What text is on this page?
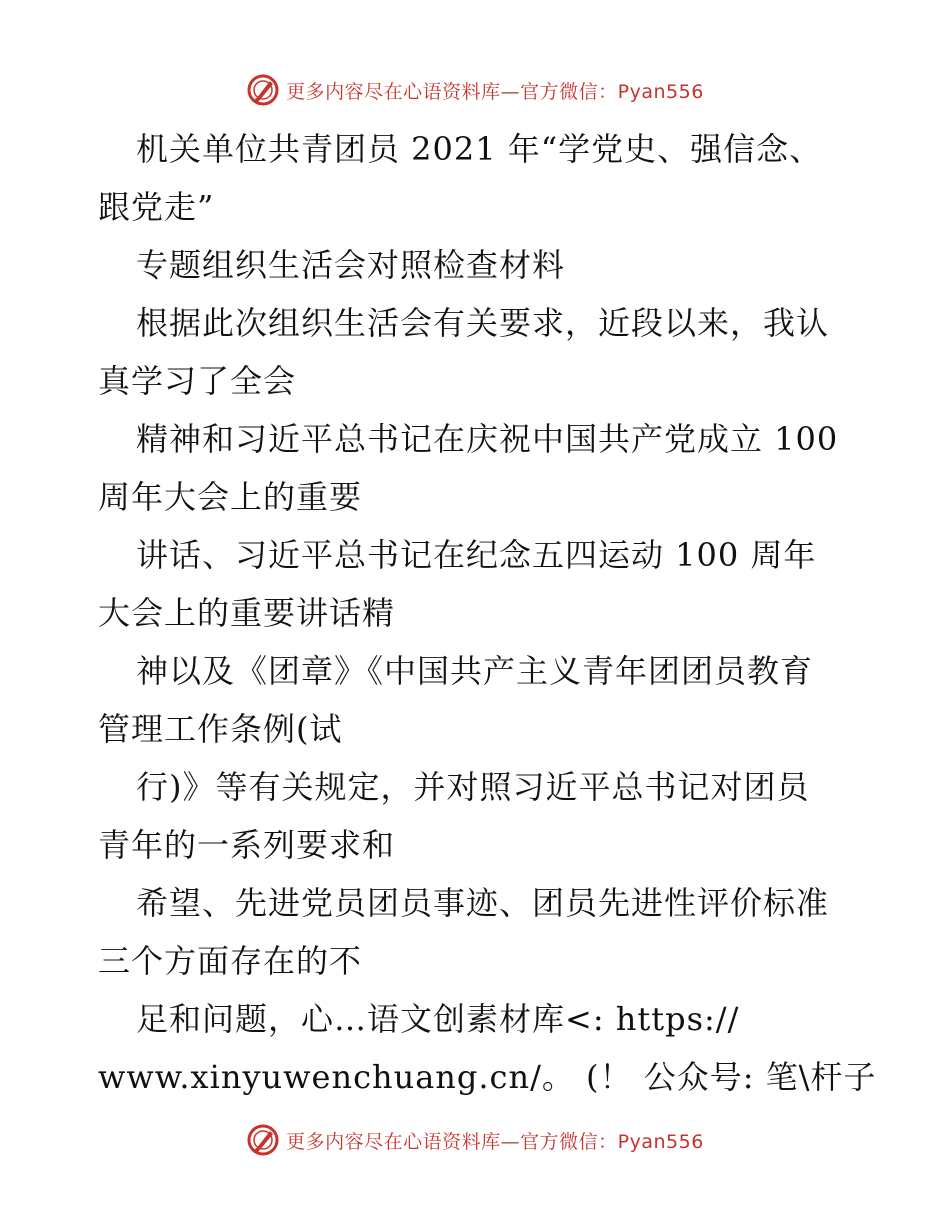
更多内容尽在心语资料库—官方微信：Pyan556
机关单位共青团员 2021 年“学党史、强信念、
跟党走”
专题组织生活会对照检查材料
根据此次组织生活会有关要求，近段以来，我认
真学习了全会
精神和习近平总书记在庆祝中国共产党成立 100
周年大会上的重要
讲话、习近平总书记在纪念五四运动 100 周年
大会上的重要讲话精
神以及《团章》《中国共产主义青年团团员教育
管理工作条例(试
行)》等有关规定，并对照习近平总书记对团员
青年的一系列要求和
希望、先进党员团员事迹、团员先进性评价标准
三个方面存在的不
足和问题，心…语文创素材库<: https://
www.xinyuwenchuang.cn/。 (！ 公众号: 笔\杆子
更多内容尽在心语资料库—官方微信：Pyan556
